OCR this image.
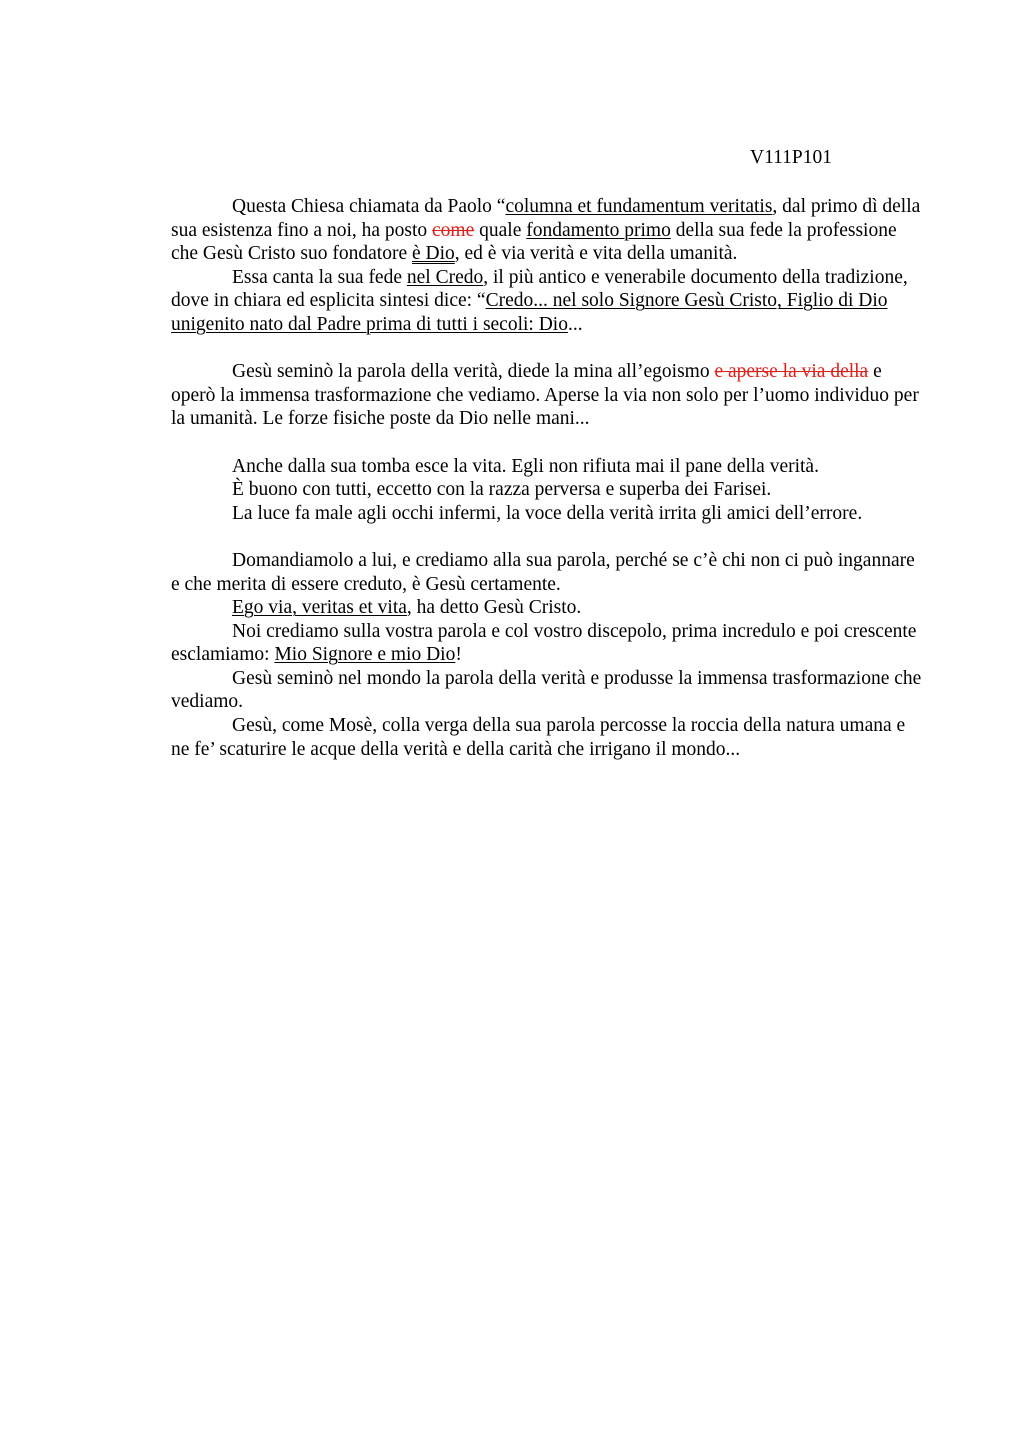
V111P101

Questa Chiesa chiamata da Paolo “columna et fundamentum veritatis, dal primo dì della sua esistenza fino a noi, ha posto come quale fondamento primo della sua fede la professione che Gesù Cristo suo fondatore è Dio, ed è via verità e vita della umanità.

Essa canta la sua fede nel Credo, il più antico e venerabile documento della tradizione, dove in chiara ed esplicita sintesi dice: “Credo... nel solo Signore Gesù Cristo, Figlio di Dio unigenito nato dal Padre prima di tutti i secoli: Dio...

Gesù seminò la parola della verità, diede la mina all’egoismo e aperse la via della e operò la immensa trasformazione che vediamo. Aperse la via non solo per l’uomo individuo per la umanità. Le forze fisiche poste da Dio nelle mani...

Anche dalla sua tomba esce la vita. Egli non rifiuta mai il pane della verità.

È buono con tutti, eccetto con la razza perversa e superba dei Farisei.

La luce fa male agli occhi infermi, la voce della verità irrita gli amici dell’errore.

Domandiamolo a lui, e crediamo alla sua parola, perché se c’è chi non ci può ingannare e che merita di essere creduto, è Gesù certamente.

Ego via, veritas et vita, ha detto Gesù Cristo.

Noi crediamo sulla vostra parola e col vostro discepolo, prima incredulo e poi crescente esclamiamo: Mio Signore e mio Dio!

Gesù seminò nel mondo la parola della verità e produsse la immensa trasformazione che vediamo.

Gesù, come Mosè, colla verga della sua parola percosse la roccia della natura umana e ne fe’ scaturire le acque della verità e della carità che irrigano il mondo...
